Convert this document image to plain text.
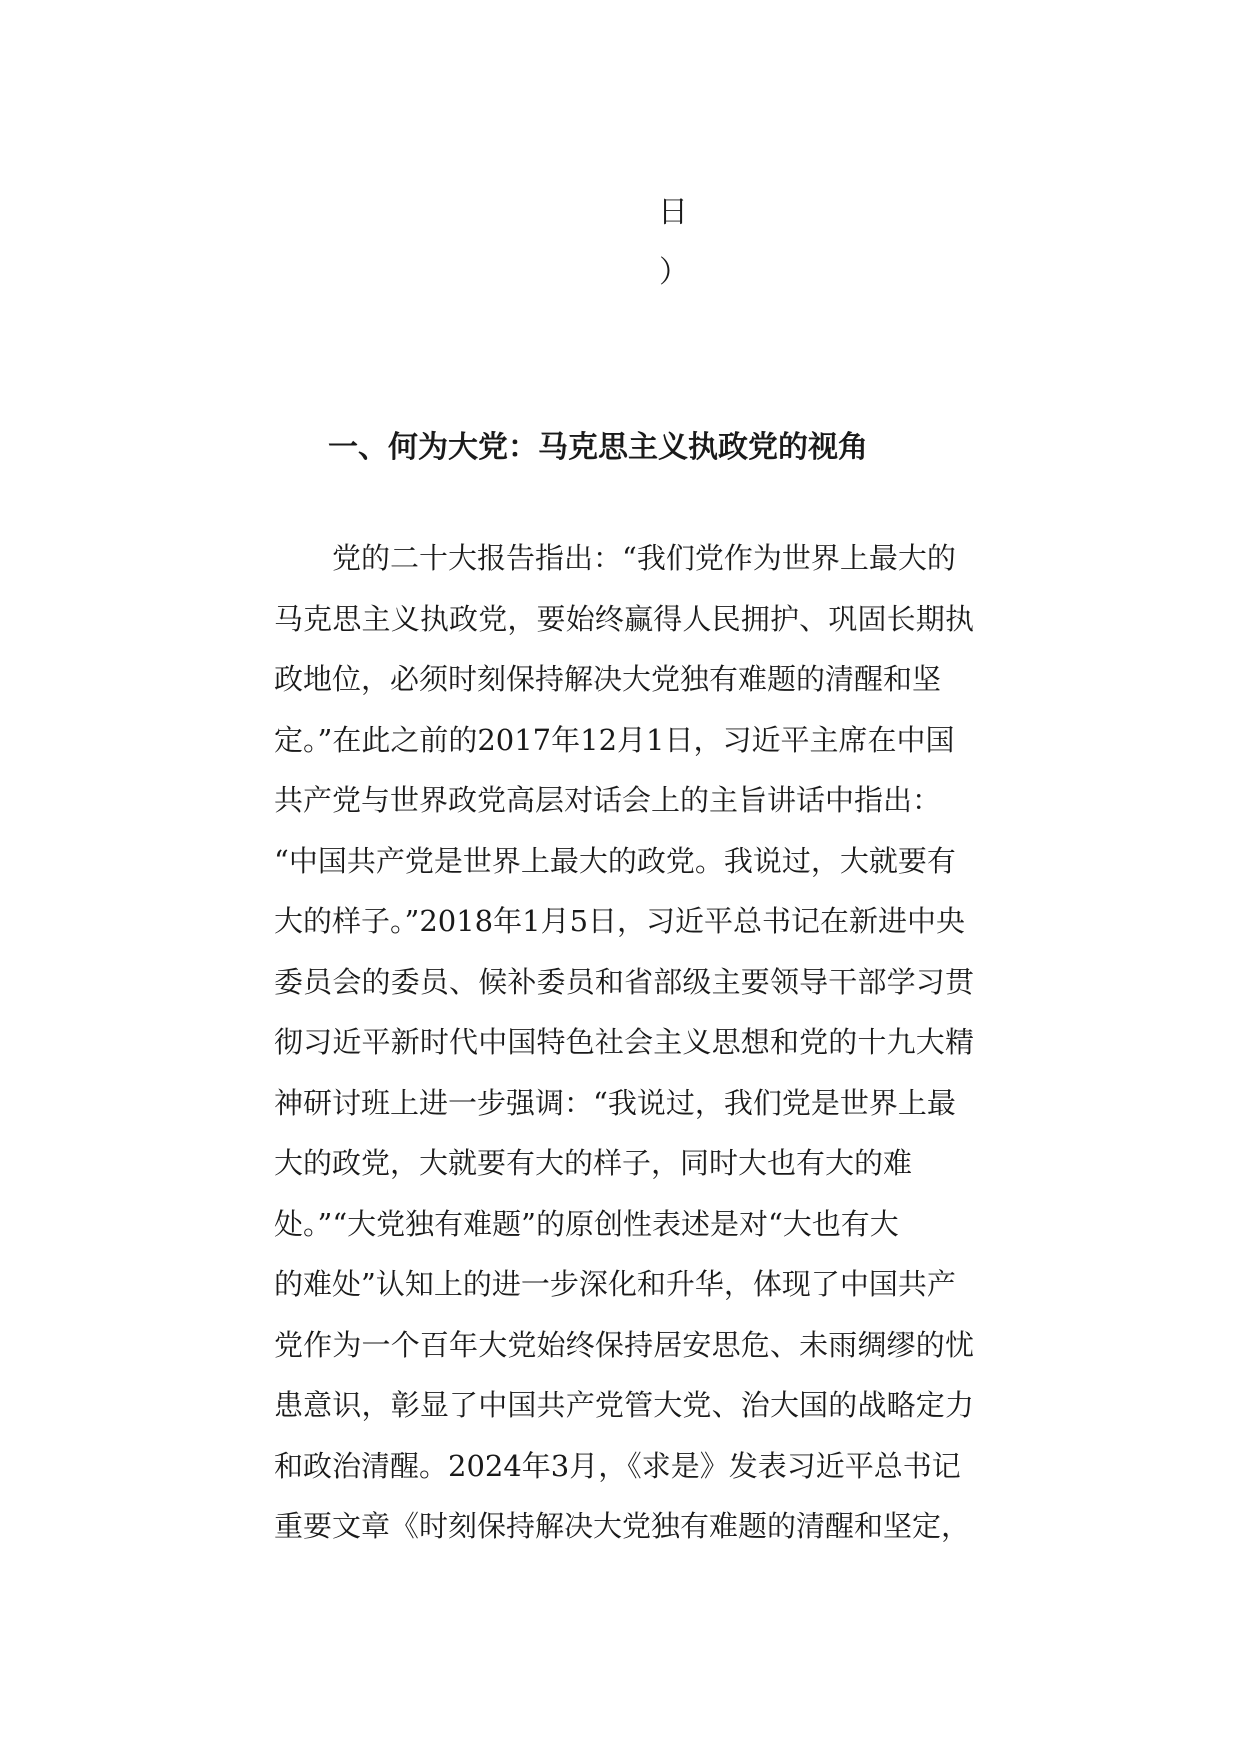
日
）
一、何为大党：马克思主义执政党的视角
党的二十大报告指出：“我们党作为世界上最大的
马克思主义执政党，要始终赢得人民拥护、巩固长期执
政地位，必须时刻保持解决大党独有难题的清醒和坚
定。”在此之前的2017年12月1日，习近平主席在中国
共产党与世界政党高层对话会上的主旨讲话中指出：
“中国共产党是世界上最大的政党。我说过，大就要有
大的样子。”2018年1月5日，习近平总书记在新进中央
委员会的委员、候补委员和省部级主要领导干部学习贯
彻习近平新时代中国特色社会主义思想和党的十九大精
神研讨班上进一步强调：“我说过，我们党是世界上最
大的政党，大就要有大的样子，同时大也有大的难
处。”“大党独有难题”的原创性表述是对“大也有大
的难处”认知上的进一步深化和升华，体现了中国共产
党作为一个百年大党始终保持居安思危、未雨绸缪的忧
患意识，彰显了中国共产党管大党、治大国的战略定力
和政治清醒。2024年3月，《求是》发表习近平总书记
重要文章《时刻保持解决大党独有难题的清醒和坚定，
